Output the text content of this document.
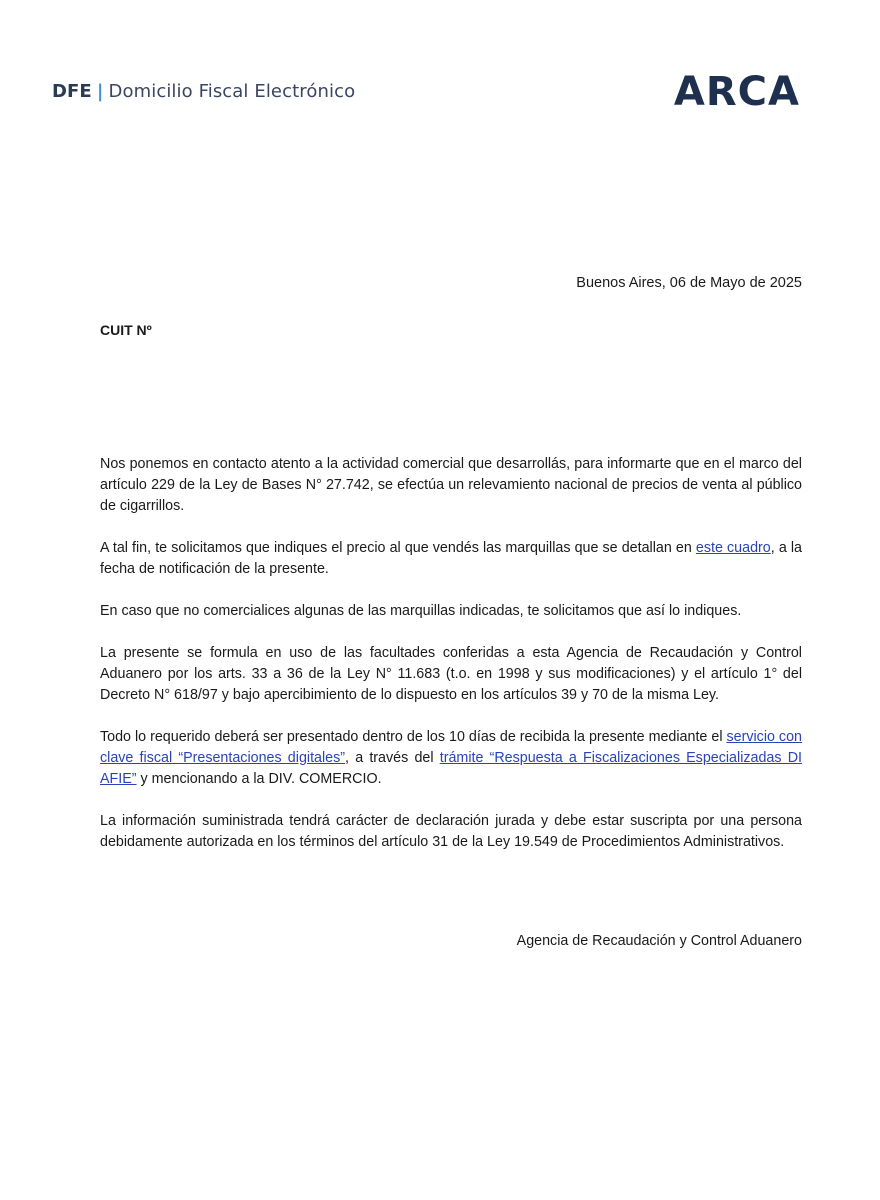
DFE | Domicilio Fiscal Electrónico	ARCA
Buenos Aires, 06 de Mayo de 2025
CUIT Nº

Nos ponemos en contacto atento a la actividad comercial que desarrollás, para informarte que en el marco del artículo 229 de la Ley de Bases N° 27.742, se efectúa un relevamiento nacional de precios de venta al público de cigarrillos.

A tal fin, te solicitamos que indiques el precio al que vendés las marquillas que se detallan en este cuadro, a la fecha de notificación de la presente.

En caso que no comercialices algunas de las marquillas indicadas, te solicitamos que así lo indiques.

La presente se formula en uso de las facultades conferidas a esta Agencia de Recaudación y Control Aduanero por los arts. 33 a 36 de la Ley N° 11.683 (t.o. en 1998 y sus modificaciones) y el artículo 1° del Decreto N° 618/97 y bajo apercibimiento de lo dispuesto en los artículos 39 y 70 de la misma Ley.

Todo lo requerido deberá ser presentado dentro de los 10 días de recibida la presente mediante el servicio con clave fiscal “Presentaciones digitales”, a través del trámite “Respuesta a Fiscalizaciones Especializadas DI AFIE” y mencionando a la DIV. COMERCIO.

La información suministrada tendrá carácter de declaración jurada y debe estar suscripta por una persona debidamente autorizada en los términos del artículo 31 de la Ley 19.549 de Procedimientos Administrativos.

Agencia de Recaudación y Control Aduanero
